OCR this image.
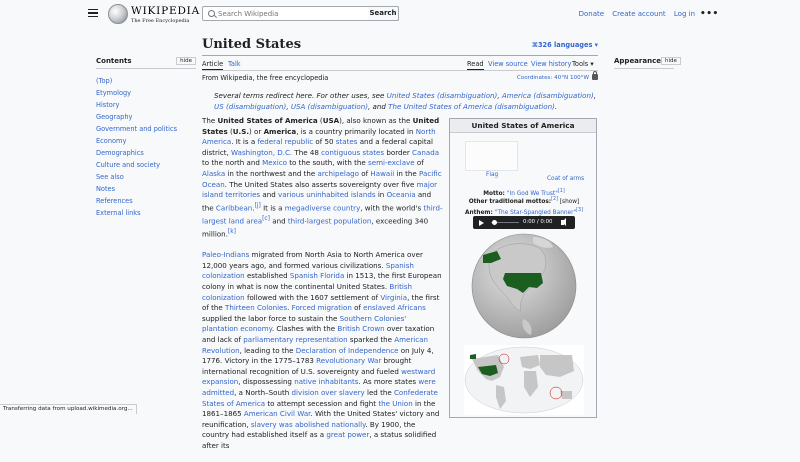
WIKIPEDIA
The Free Encyclopedia
Search Wikipedia
Search	Donate Create account Log in •••
Contents	hide
(Top)
Etymology
History
Geography
Government and politics
Economy
Demographics
Culture and society
See also
Notes
References
External links
United States	⌘326 languages ▾
Article Talk	Read View source View history Tools ▾
From Wikipedia, the free encyclopedia	Coordinates: 40°N 100°W
Several terms redirect here. For other uses, see United States (disambiguation), America (disambiguation), US (disambiguation), USA (disambiguation), and The United States of America (disambiguation).

The United States of America (USA), also known as the United States (U.S.) or America, is a country primarily located in North America. It is a federal republic of 50 states and a federal capital district, Washington, D.C. The 48 contiguous states border Canada to the north and Mexico to the south, with the semi-exclave of Alaska in the northwest and the archipelago of Hawaii in the Pacific Ocean. The United States also asserts sovereignty over five major island territories and various uninhabited islands in Oceania and the Caribbean.[j] It is a megadiverse country, with the world's third-largest land area[c] and third-largest population, exceeding 340 million.[k]

Paleo-Indians migrated from North Asia to North America over 12,000 years ago, and formed various civilizations. Spanish colonization established Spanish Florida in 1513, the first European colony in what is now the continental United States. British colonization followed with the 1607 settlement of Virginia, the first of the Thirteen Colonies. Forced migration of enslaved Africans supplied the labor force to sustain the Southern Colonies' plantation economy. Clashes with the British Crown over taxation and lack of parliamentary representation sparked the American Revolution, leading to the Declaration of Independence on July 4, 1776. Victory in the 1775–1783 Revolutionary War brought international recognition of U.S. sovereignty and fueled westward expansion, dispossessing native inhabitants. As more states were admitted, a North–South division over slavery led the Confederate States of America to attempt secession and fight the Union in the 1861–1865 American Civil War. With the United States' victory and reunification, slavery was abolished nationally. By 1900, the country had established itself as a great power, a status solidified after its

United States of America
Flag
Coat of arms
Motto: "In God We Trust"[1]
Other traditional mottos:[2] [show]
Anthem: "The Star-Spangled Banner"[3]
0:00 / 0:00
Appearance hide
Transferring data from upload.wikimedia.org...
